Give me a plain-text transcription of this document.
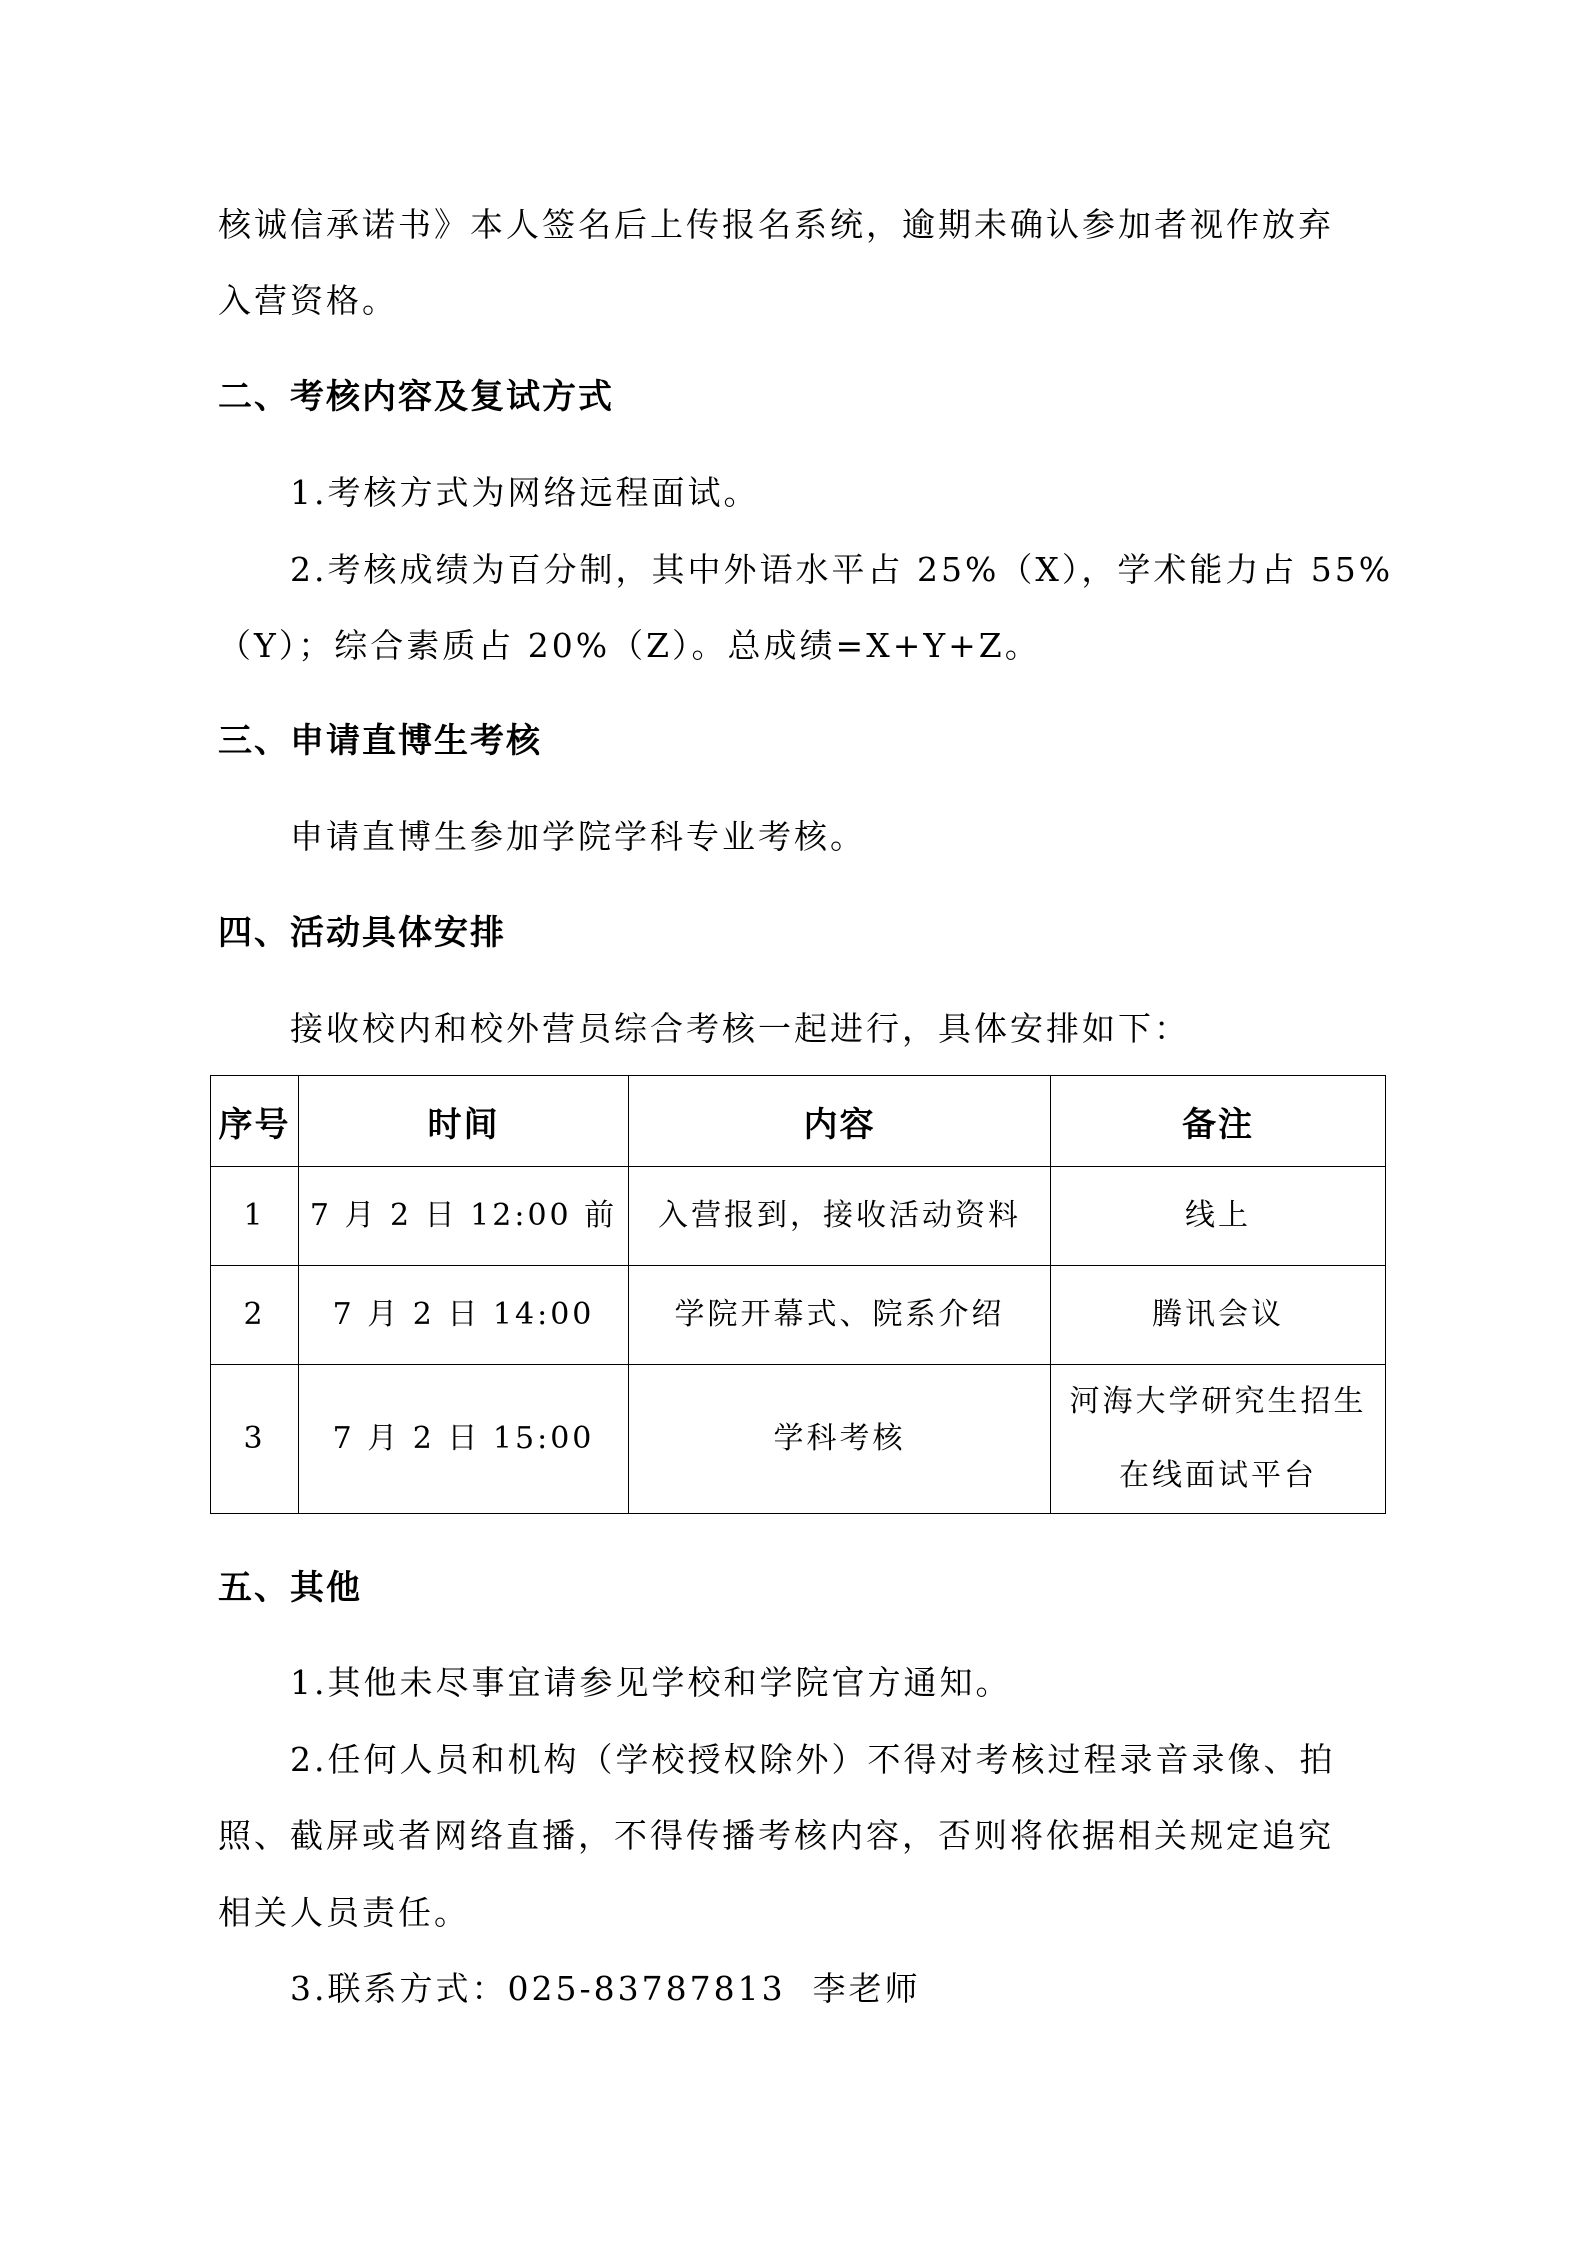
核诚信承诺书》本人签名后上传报名系统，逾期未确认参加者视作放弃
入营资格。
二、考核内容及复试方式
1.考核方式为网络远程面试。
2.考核成绩为百分制，其中外语水平占 25%（X），学术能力占 55%
（Y）；综合素质占 20%（Z）。总成绩=X+Y+Z。
三、申请直博生考核
申请直博生参加学院学科专业考核。
四、活动具体安排
接收校内和校外营员综合考核一起进行，具体安排如下：
序号	时间	内容	备注
1	7 月 2 日 12:00 前	入营报到，接收活动资料	线上
2	7 月 2 日 14:00	学院开幕式、院系介绍	腾讯会议
3	7 月 2 日 15:00	学科考核	河海大学研究生招生
在线面试平台
五、其他
1.其他未尽事宜请参见学校和学院官方通知。
2.任何人员和机构（学校授权除外）不得对考核过程录音录像、拍
照、截屏或者网络直播，不得传播考核内容，否则将依据相关规定追究
相关人员责任。
3.联系方式：025-83787813  李老师
